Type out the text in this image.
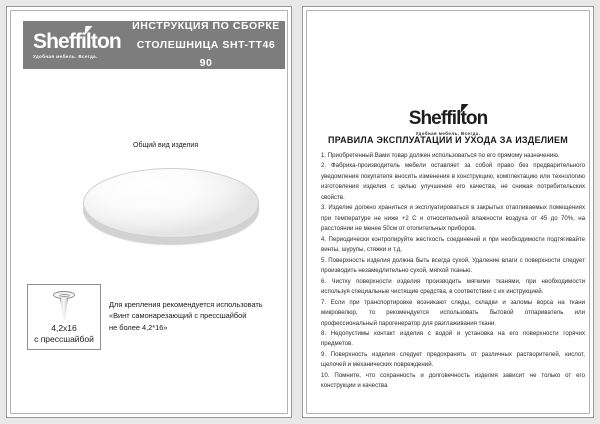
Sheffilton
Удобная мебель. Всегда.
ИНСТРУКЦИЯ ПО СБОРКЕ
СТОЛЕШНИЦА SHT-TT46 90
Общий вид изделия
4,2х16
с прессшайбой
Для крепления рекомендуется использовать
«Винт самонарезающий с прессшайбой
не более 4,2*16»
Sheffilton
Удобная мебель. Всегда.
ПРАВИЛА ЭКСПЛУАТАЦИИ И УХОДА ЗА ИЗДЕЛИЕМ
1. Приобретенный Вами товар должен использоваться по его прямому назначению.
2. Фабрика-производитель мебели оставляет за собой право без предварительного уведомления покупателя вносить изменения в конструкцию, комплектацию или технологию изготовления изделия с целью улучшения его качества, не снижая потребительских свойств.
3. Изделие должно храниться и эксплуатироваться в закрытых отапливаемых помещениях при температуре не ниже +2 С и относительной влажности воздуха от 45 до 70%, на расстоянии не менее 50см от отопительных приборов.
4. Периодически контролируйте жесткость соединений и при необходимости подтягивайте винты, шурупы, стяжки и т.д.
5. Поверхность изделия должна быть всегда сухой. Удаление влаги с поверхности следует производить незамедлительно сухой, мягкой тканью.
6. Чистку поверхности изделия производить мягкими тканями, при необходимости используя специальные чистящие средства, в соответствии с их инструкцией.
7. Если при транспортировке возникают следы, складки и заломы ворса на ткани микровелюр, то рекомендуется использовать бытовой отпариватель или профессиональный парогенератор для разглаживания ткани.
8. Недопустимы контакт изделия с водой и установка на его поверхности горячих предметов.
9. Поверхность изделия следует предохранять от различных растворителей, кислот, щелочей и механических повреждений.
10. Помните, что сохранность и долговечность изделия зависит не только от его конструкции и качества
